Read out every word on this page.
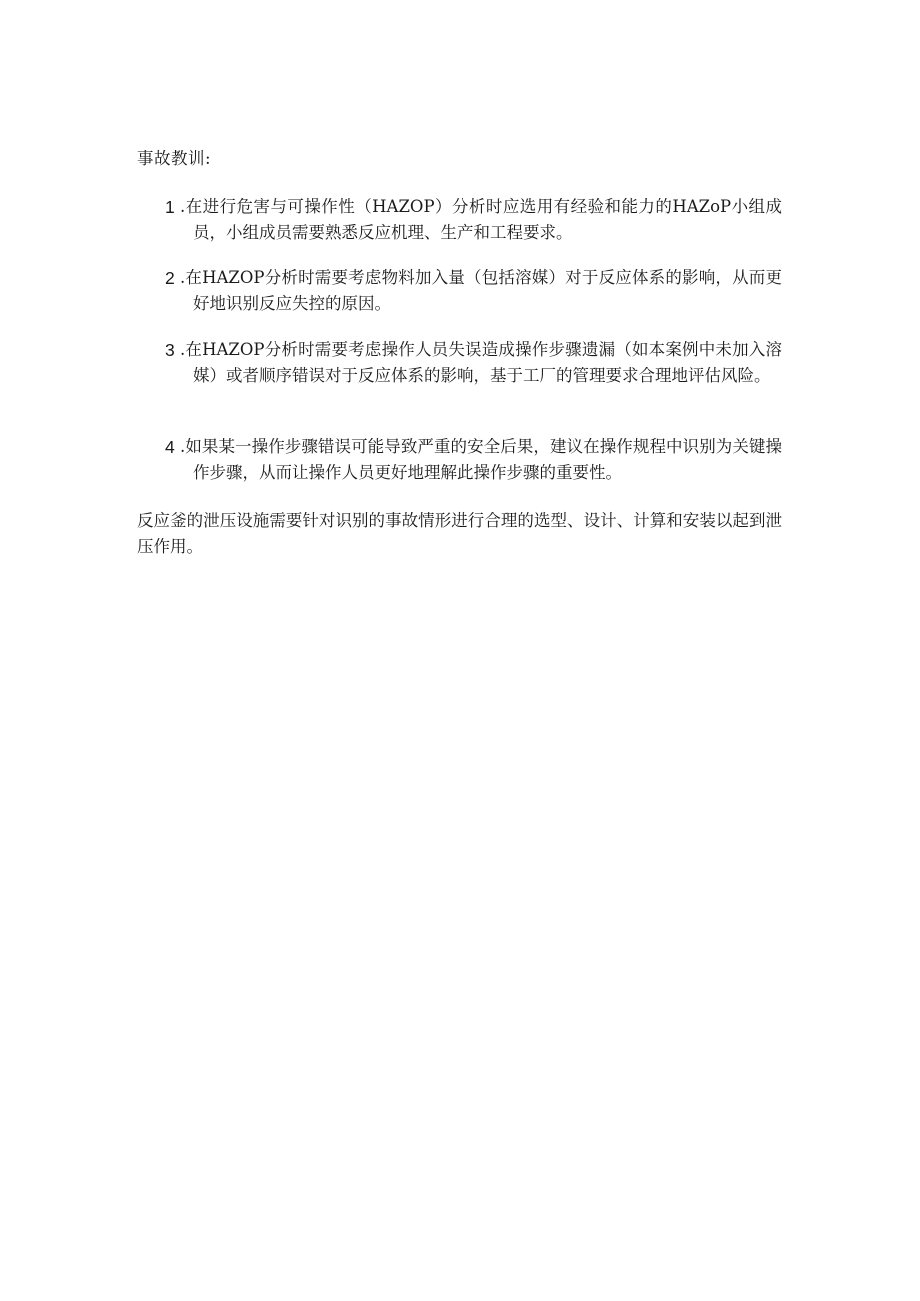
事故教训:
1 .在进行危害与可操作性（HAZOP）分析时应选用有经验和能力的HAZoP小组成员，小组成员需要熟悉反应机理、生产和工程要求。
2 .在HAZOP分析时需要考虑物料加入量（包括溶媒）对于反应体系的影响，从而更好地识别反应失控的原因。
3 .在HAZOP分析时需要考虑操作人员失误造成操作步骤遗漏（如本案例中未加入溶媒）或者顺序错误对于反应体系的影响，基于工厂的管理要求合理地评估风险。
4 .如果某一操作步骤错误可能导致严重的安全后果，建议在操作规程中识别为关键操作步骤，从而让操作人员更好地理解此操作步骤的重要性。
反应釜的泄压设施需要针对识别的事故情形进行合理的选型、设计、计算和安装以起到泄压作用。
